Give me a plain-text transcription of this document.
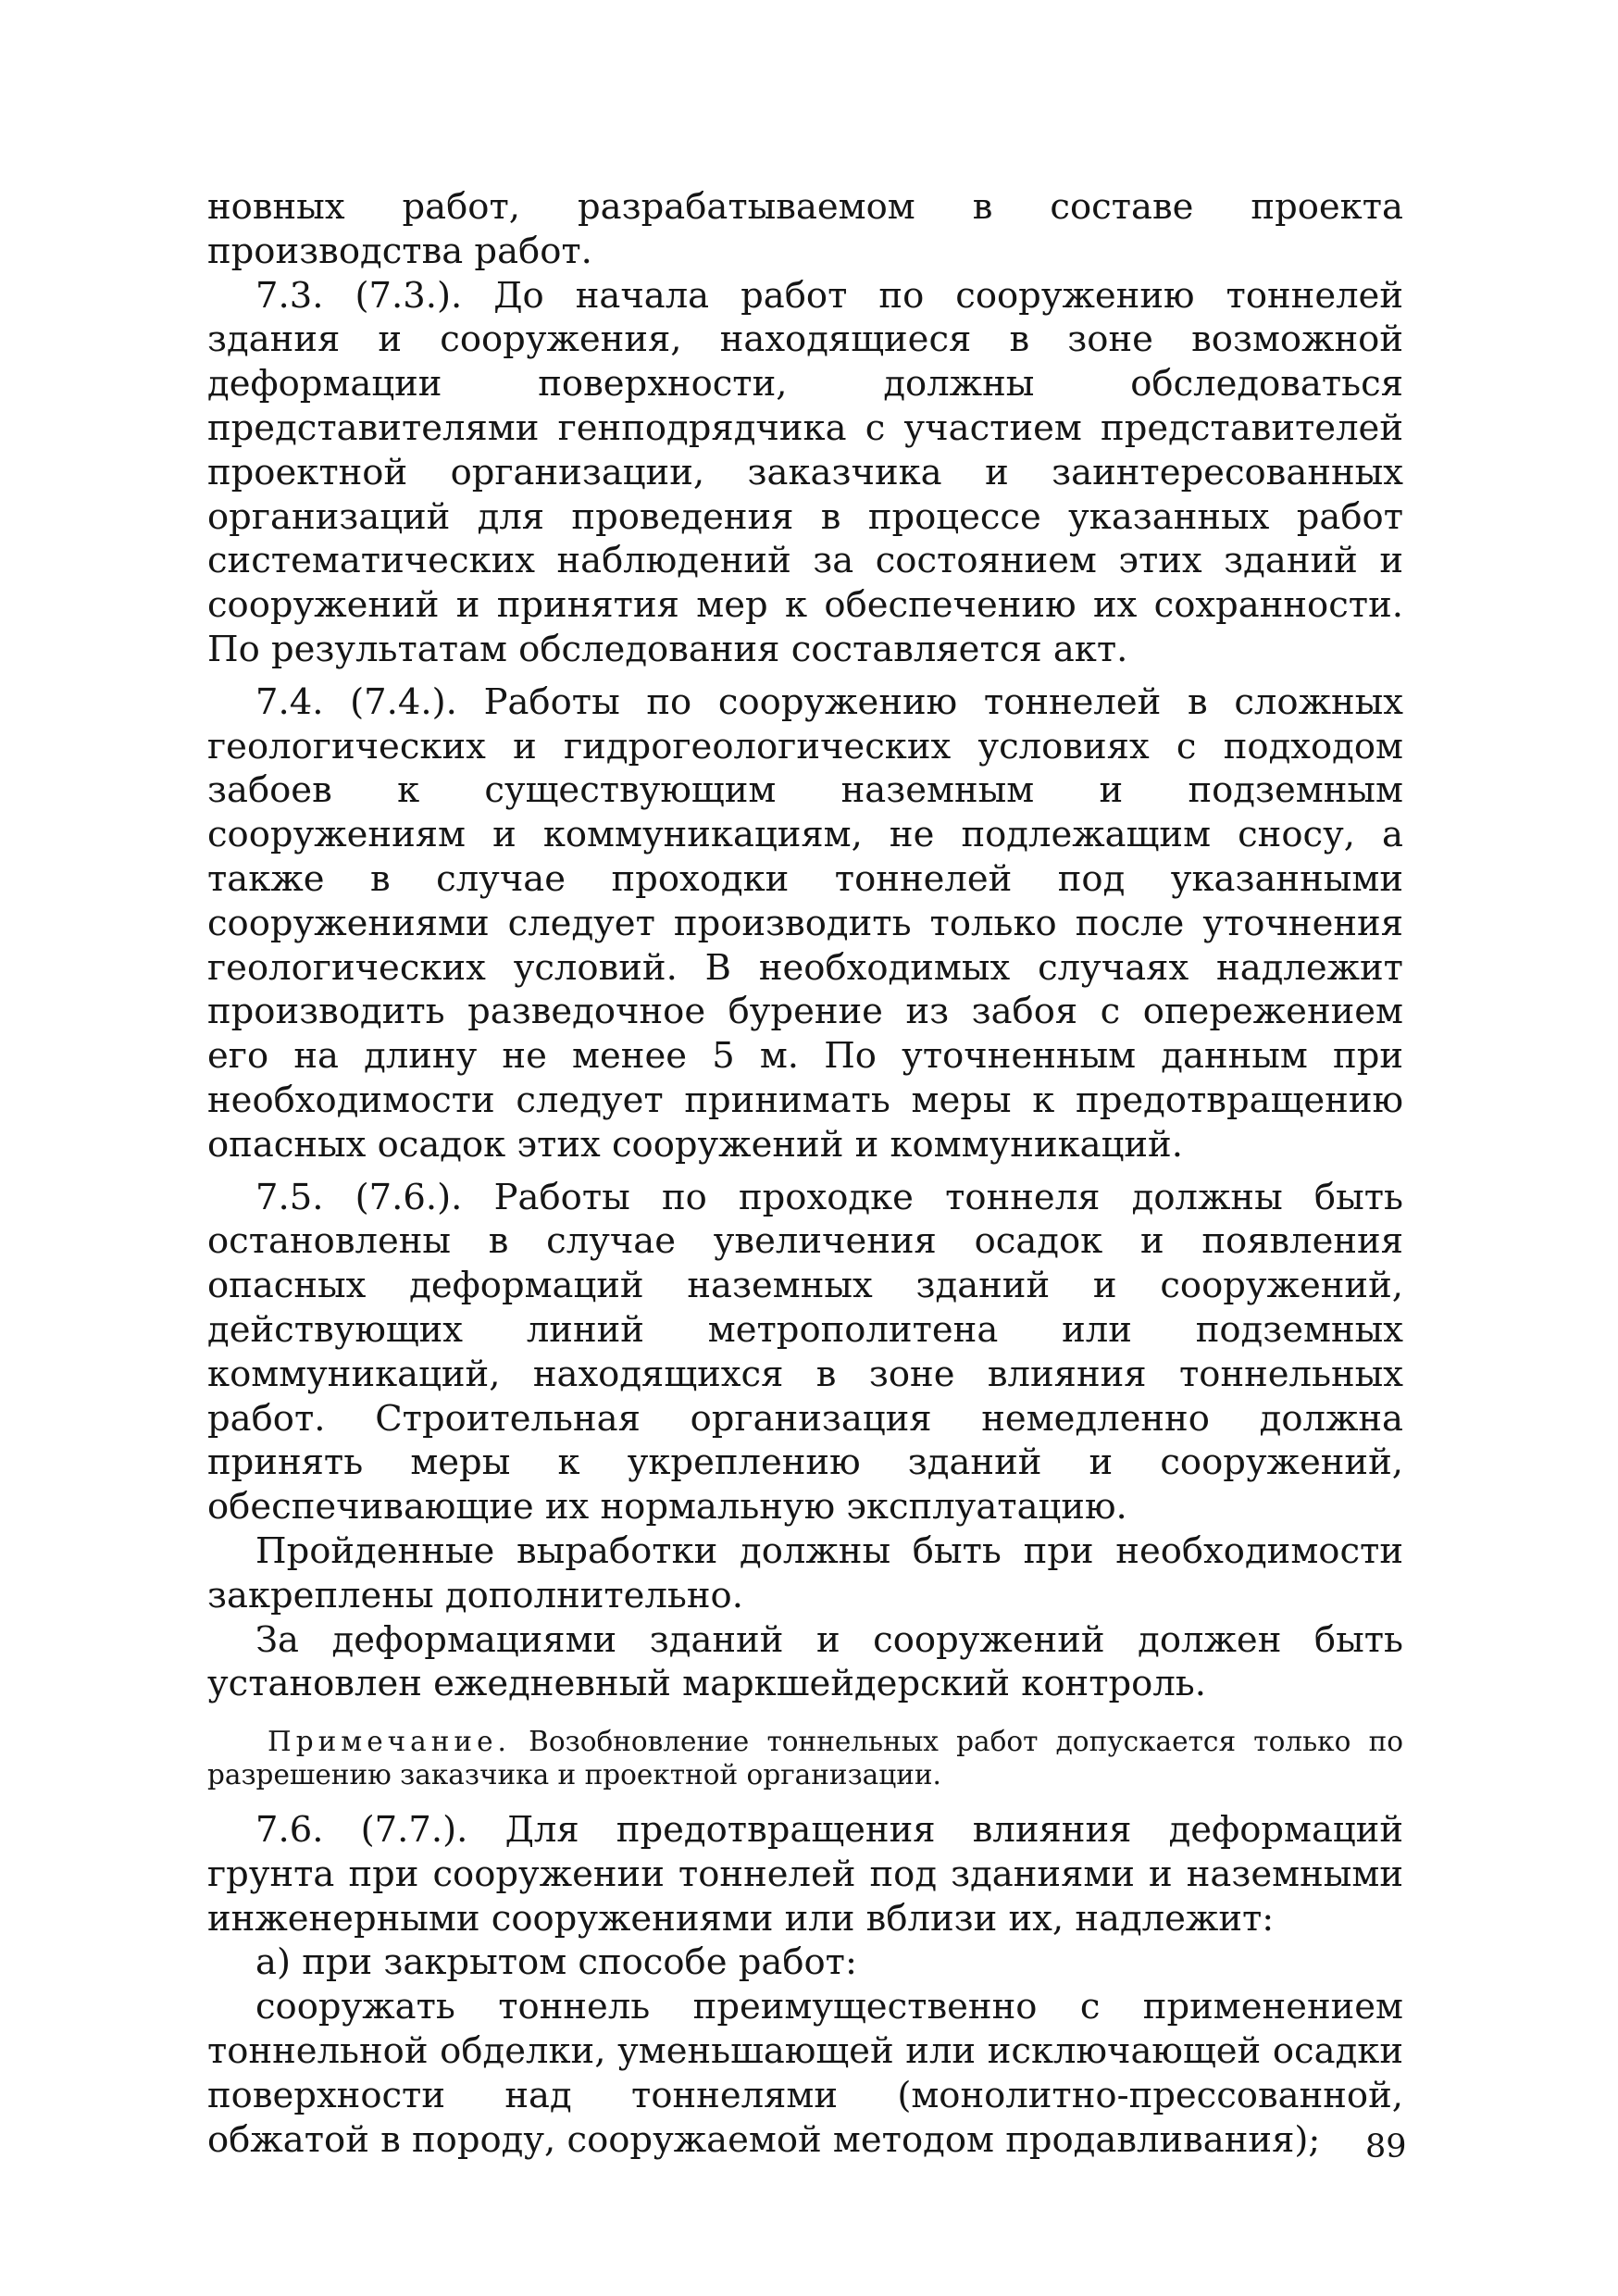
новных работ, разрабатываемом в составе проекта производства работ.

7.3. (7.3.). До начала работ по сооружению тоннелей здания и сооружения, находящиеся в зоне возможной деформации поверхности, должны обследоваться представителями генподрядчика с участием представителей проектной организации, заказчика и заинтересованных организаций для проведения в процессе указанных работ систематических наблюдений за состоянием этих зданий и сооружений и принятия мер к обеспечению их сохранности. По результатам обследования составляется акт.

7.4. (7.4.). Работы по сооружению тоннелей в сложных геологических и гидрогеологических условиях с подходом забоев к существующим наземным и подземным сооружениям и коммуникациям, не подлежащим сносу, а также в случае проходки тоннелей под указанными сооружениями следует производить только после уточнения геологических условий. В необходимых случаях надлежит производить разведочное бурение из забоя с опережением его на длину не менее 5 м. По уточненным данным при необходимости следует принимать меры к предотвращению опасных осадок этих сооружений и коммуникаций.

7.5. (7.6.). Работы по проходке тоннеля должны быть остановлены в случае увеличения осадок и появления опасных деформаций наземных зданий и сооружений, действующих линий метрополитена или подземных коммуникаций, находящихся в зоне влияния тоннельных работ. Строительная организация немедленно должна принять меры к укреплению зданий и сооружений, обеспечивающие их нормальную эксплуатацию.

Пройденные выработки должны быть при необходимости закреплены дополнительно.

За деформациями зданий и сооружений должен быть установлен ежедневный маркшейдерский контроль.

Примечание. Возобновление тоннельных работ допускается только по разрешению заказчика и проектной организации.

7.6. (7.7.). Для предотвращения влияния деформаций грунта при сооружении тоннелей под зданиями и наземными инженерными сооружениями или вблизи их, надлежит:

а) при закрытом способе работ:

сооружать тоннель преимущественно с применением тоннельной обделки, уменьшающей или исключающей осадки поверхности над тоннелями (монолитно-прессованной, обжатой в породу, сооружаемой методом продавливания);	89
